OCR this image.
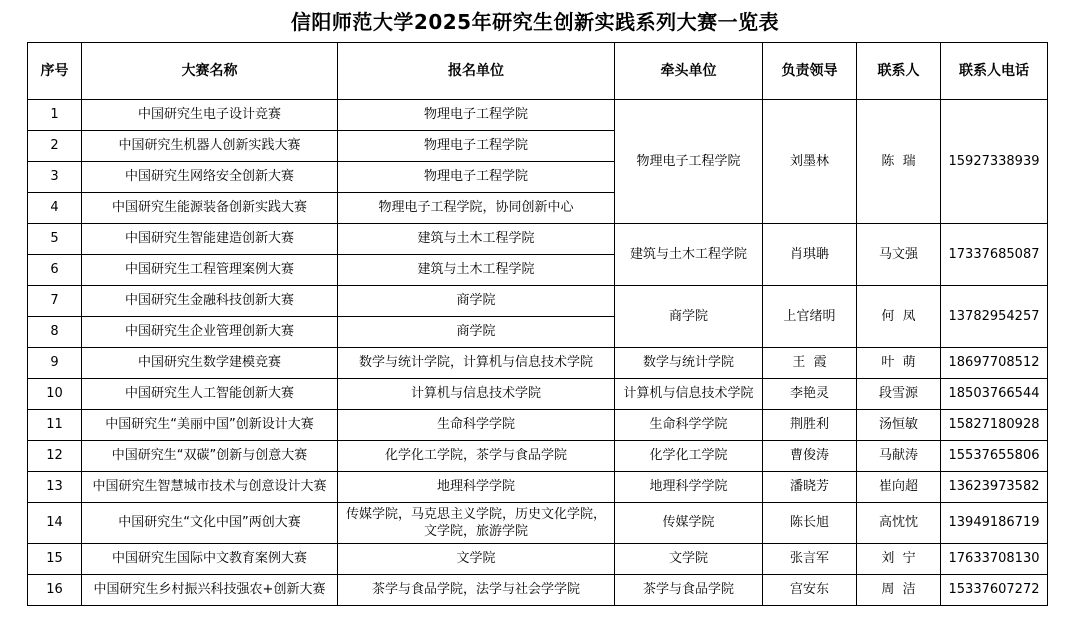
信阳师范大学2025年研究生创新实践系列大赛一览表
序号	大赛名称	报名单位	牵头单位	负责领导	联系人	联系人电话
1	中国研究生电子设计竞赛	物理电子工程学院	物理电子工程学院	刘墨林	陈  瑞	15927338939
2	中国研究生机器人创新实践大赛	物理电子工程学院				
3	中国研究生网络安全创新大赛	物理电子工程学院				
4	中国研究生能源装备创新实践大赛	物理电子工程学院，协同创新中心				
5	中国研究生智能建造创新大赛	建筑与土木工程学院	建筑与土木工程学院	肖琪聃	马文强	17337685087
6	中国研究生工程管理案例大赛	建筑与土木工程学院				
7	中国研究生金融科技创新大赛	商学院	商学院	上官绪明	何  凤	13782954257
8	中国研究生企业管理创新大赛	商学院				
9	中国研究生数学建模竞赛	数学与统计学院，计算机与信息技术学院	数学与统计学院	王  霞	叶  萌	18697708512
10	中国研究生人工智能创新大赛	计算机与信息技术学院	计算机与信息技术学院	李艳灵	段雪源	18503766544
11	中国研究生“美丽中国”创新设计大赛	生命科学学院	生命科学学院	荆胜利	汤恒敏	15827180928
12	中国研究生“双碳”创新与创意大赛	化学化工学院，茶学与食品学院	化学化工学院	曹俊涛	马献涛	15537655806
13	中国研究生智慧城市技术与创意设计大赛	地理科学学院	地理科学学院	潘晓芳	崔向超	13623973582
14	中国研究生“文化中国”两创大赛	传媒学院，马克思主义学院，历史文化学院，
文学院，旅游学院	传媒学院	陈长旭	高忱忱	13949186719
15	中国研究生国际中文教育案例大赛	文学院	文学院	张言军	刘  宁	17633708130
16	中国研究生乡村振兴科技强农+创新大赛	茶学与食品学院，法学与社会学学院	茶学与食品学院	宫安东	周  洁	15337607272
